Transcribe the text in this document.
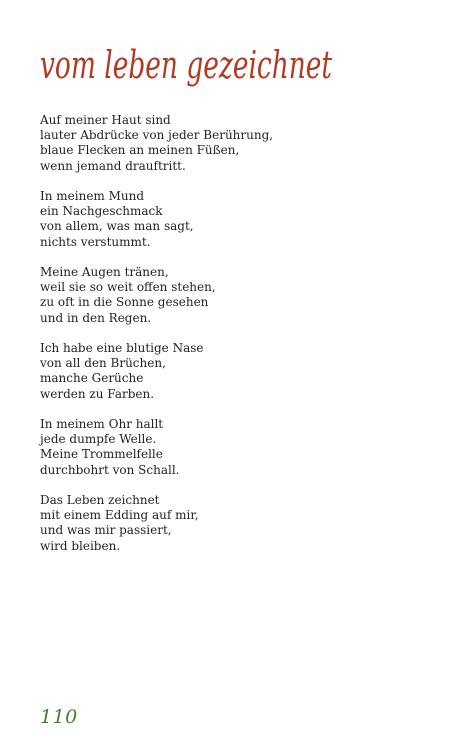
vom leben gezeichnet
Auf meiner Haut sind
lauter Abdrücke von jeder Berührung,
blaue Flecken an meinen Füßen,
wenn jemand drauftritt.
In meinem Mund
ein Nachgeschmack
von allem, was man sagt,
nichts verstummt.
Meine Augen tränen,
weil sie so weit offen stehen,
zu oft in die Sonne gesehen
und in den Regen.
Ich habe eine blutige Nase
von all den Brüchen,
manche Gerüche
werden zu Farben.
In meinem Ohr hallt
jede dumpfe Welle.
Meine Trommelfelle
durchbohrt von Schall.
Das Leben zeichnet
mit einem Edding auf mir,
und was mir passiert,
wird bleiben.
110
